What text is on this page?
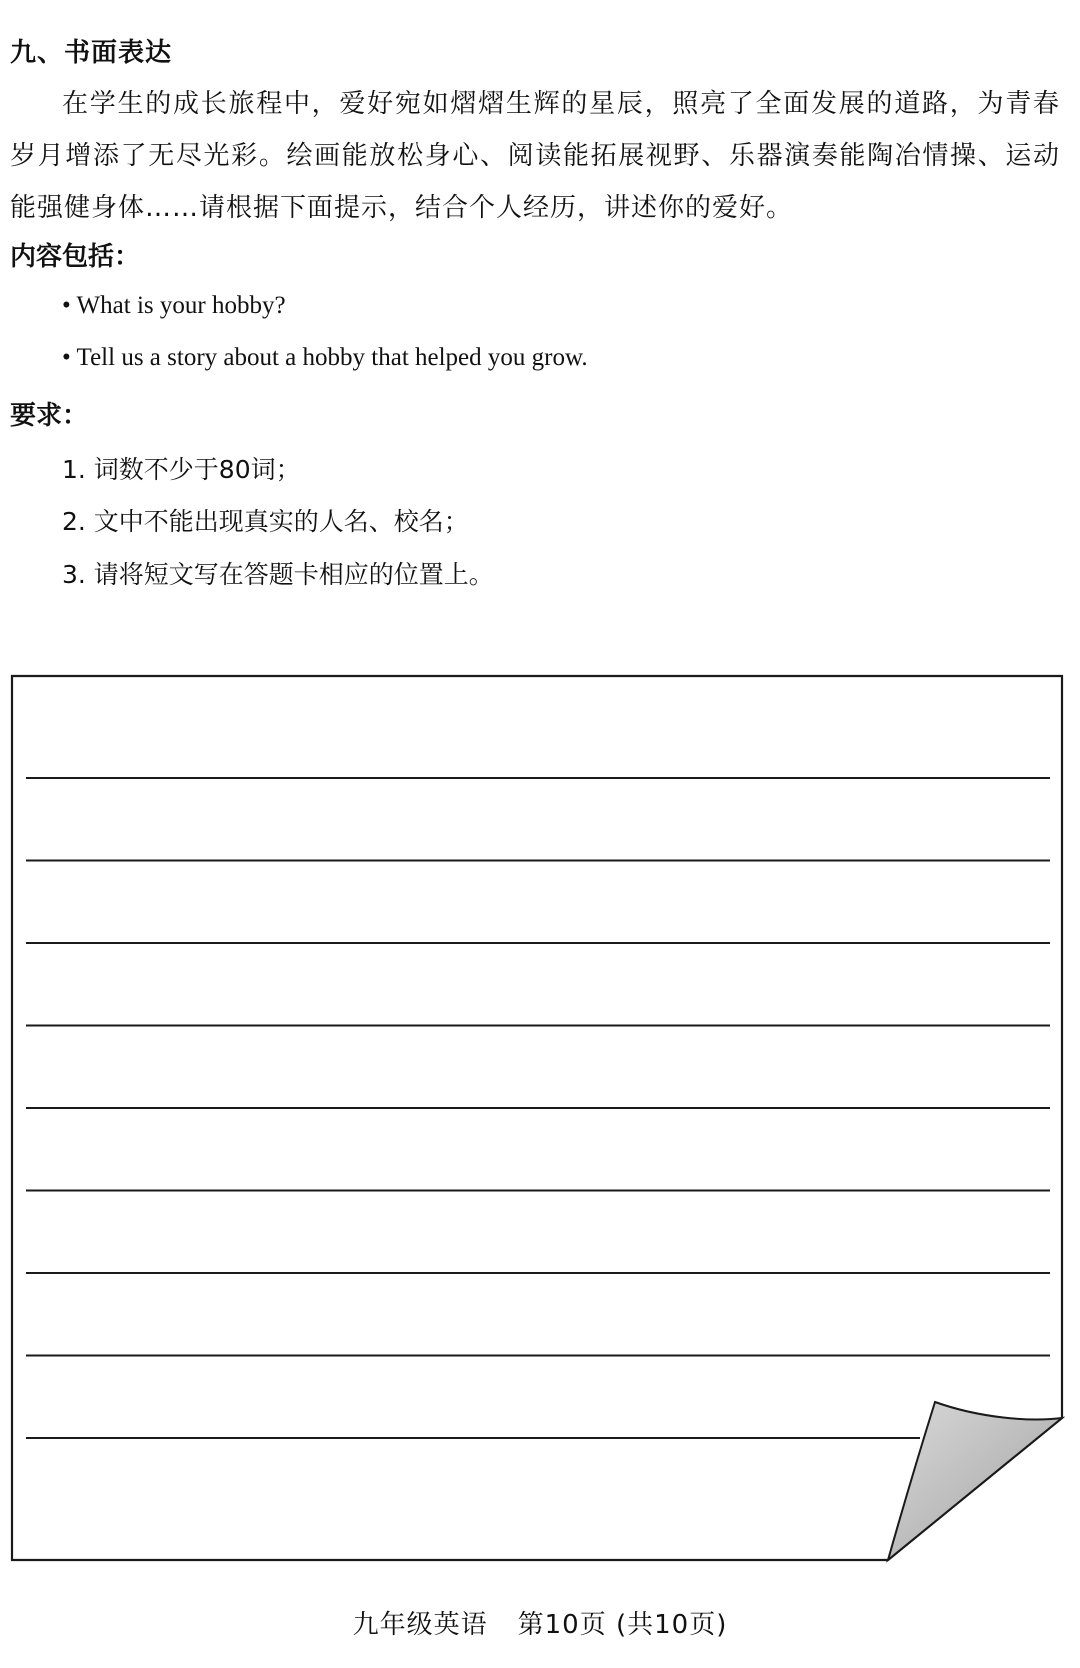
九、书面表达
在学生的成长旅程中，爱好宛如熠熠生辉的星辰，照亮了全面发展的道路，为青春岁月增添了无尽光彩。绘画能放松身心、阅读能拓展视野、乐器演奏能陶冶情操、运动能强健身体……请根据下面提示，结合个人经历，讲述你的爱好。
内容包括：
• What is your hobby?
• Tell us a story about a hobby that helped you grow.
要求：
1. 词数不少于80词；
2. 文中不能出现真实的人名、校名；
3. 请将短文写在答题卡相应的位置上。
九年级英语 第10页 (共10页)
